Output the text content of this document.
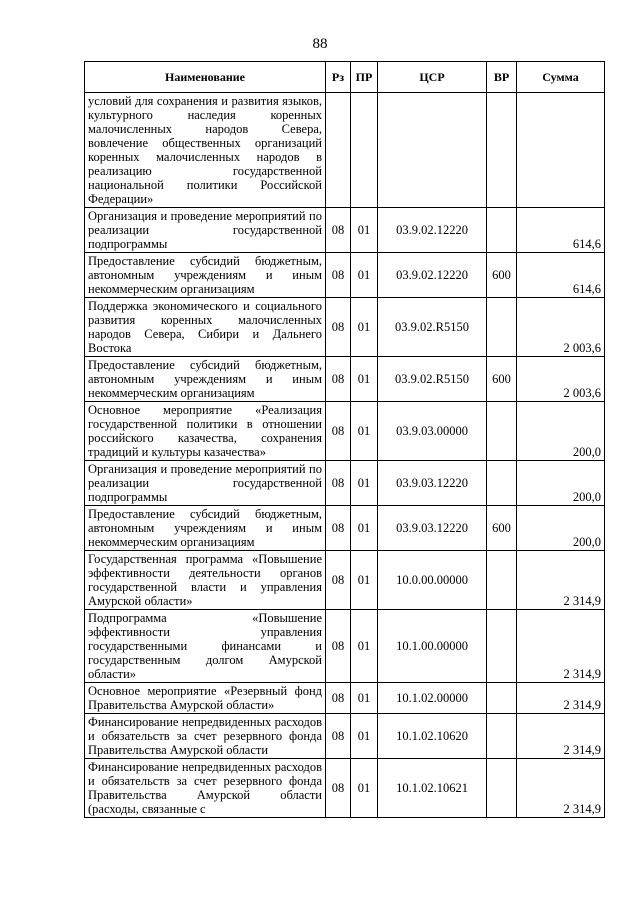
88
Наименование	Рз	ПР	ЦСР	ВР	Сумма
условий для сохранения и развития языков, культурного наследия коренных малочисленных народов Севера, вовлечение общественных организаций коренных малочисленных народов в реализацию государственной национальной политики Российской Федерации»					
Организация и проведение мероприятий по реализации государственной подпрограммы	08	01	03.9.02.12220		614,6
Предоставление субсидий бюджетным, автономным учреждениям и иным некоммерческим организациям	08	01	03.9.02.12220	600	614,6
Поддержка экономического и социального развития коренных малочисленных народов Севера, Сибири и Дальнего Востока	08	01	03.9.02.R5150		2 003,6
Предоставление субсидий бюджетным, автономным учреждениям и иным некоммерческим организациям	08	01	03.9.02.R5150	600	2 003,6
Основное мероприятие «Реализация государственной политики в отношении российского казачества, сохранения традиций и культуры казачества»	08	01	03.9.03.00000		200,0
Организация и проведение мероприятий по реализации государственной подпрограммы	08	01	03.9.03.12220		200,0
Предоставление субсидий бюджетным, автономным учреждениям и иным некоммерческим организациям	08	01	03.9.03.12220	600	200,0
Государственная программа «Повышение эффективности деятельности органов государственной власти и управления Амурской области»	08	01	10.0.00.00000		2 314,9
Подпрограмма «Повышение эффективности управления государственными финансами и государственным долгом Амурской области»	08	01	10.1.00.00000		2 314,9
Основное мероприятие «Резервный фонд Правительства Амурской области»	08	01	10.1.02.00000		2 314,9
Финансирование непредвиденных расходов и обязательств за счет резервного фонда Правительства Амурской области	08	01	10.1.02.10620		2 314,9
Финансирование непредвиденных расходов и обязательств за счет резервного фонда Правительства Амурской области (расходы, связанные с	08	01	10.1.02.10621		2 314,9
